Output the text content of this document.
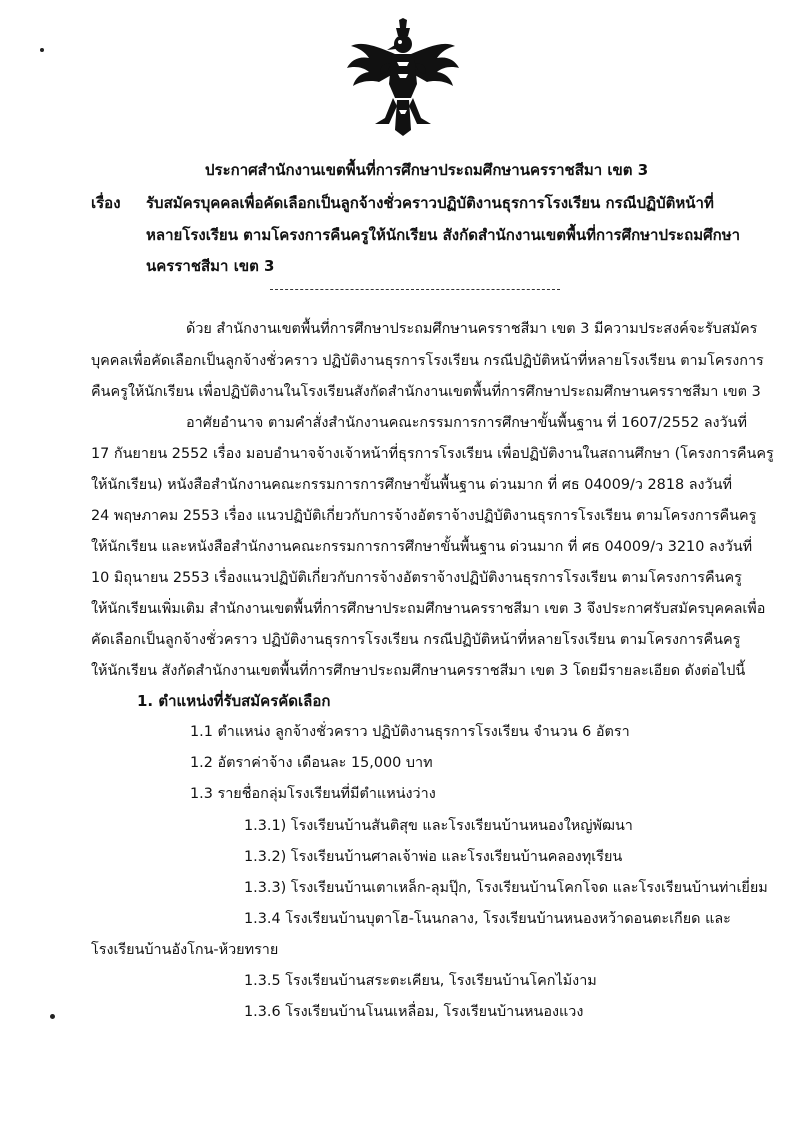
ประกาศสำนักงานเขตพื้นที่การศึกษาประถมศึกษานครราชสีมา เขต 3
เรื่อง รับสมัครบุคคลเพื่อคัดเลือกเป็นลูกจ้างชั่วคราวปฏิบัติงานธุรการโรงเรียน กรณีปฏิบัติหน้าที่
หลายโรงเรียน ตามโครงการคืนครูให้นักเรียน สังกัดสำนักงานเขตพื้นที่การศึกษาประถมศึกษา
นครราชสีมา เขต 3
ด้วย สำนักงานเขตพื้นที่การศึกษาประถมศึกษานครราชสีมา เขต 3 มีความประสงค์จะรับสมัคร
บุคคลเพื่อคัดเลือกเป็นลูกจ้างชั่วคราว ปฏิบัติงานธุรการโรงเรียน กรณีปฏิบัติหน้าที่หลายโรงเรียน ตามโครงการ
คืนครูให้นักเรียน เพื่อปฏิบัติงานในโรงเรียนสังกัดสำนักงานเขตพื้นที่การศึกษาประถมศึกษานครราชสีมา เขต 3
อาศัยอำนาจ ตามคำสั่งสำนักงานคณะกรรมการการศึกษาขั้นพื้นฐาน ที่ 1607/2552 ลงวันที่
17 กันยายน 2552 เรื่อง มอบอำนาจจ้างเจ้าหน้าที่ธุรการโรงเรียน เพื่อปฏิบัติงานในสถานศึกษา (โครงการคืนครู
ให้นักเรียน) หนังสือสำนักงานคณะกรรมการการศึกษาขั้นพื้นฐาน ด่วนมาก ที่ ศธ 04009/ว 2818 ลงวันที่
24 พฤษภาคม 2553 เรื่อง แนวปฏิบัติเกี่ยวกับการจ้างอัตราจ้างปฏิบัติงานธุรการโรงเรียน ตามโครงการคืนครู
ให้นักเรียน และหนังสือสำนักงานคณะกรรมการการศึกษาขั้นพื้นฐาน ด่วนมาก ที่ ศธ 04009/ว 3210 ลงวันที่
10 มิถุนายน 2553 เรื่องแนวปฏิบัติเกี่ยวกับการจ้างอัตราจ้างปฏิบัติงานธุรการโรงเรียน ตามโครงการคืนครู
ให้นักเรียนเพิ่มเติม สำนักงานเขตพื้นที่การศึกษาประถมศึกษานครราชสีมา เขต 3 จึงประกาศรับสมัครบุคคลเพื่อ
คัดเลือกเป็นลูกจ้างชั่วคราว ปฏิบัติงานธุรการโรงเรียน กรณีปฏิบัติหน้าที่หลายโรงเรียน ตามโครงการคืนครู
ให้นักเรียน สังกัดสำนักงานเขตพื้นที่การศึกษาประถมศึกษานครราชสีมา เขต 3 โดยมีรายละเอียด ดังต่อไปนี้
1. ตำแหน่งที่รับสมัครคัดเลือก
1.1 ตำแหน่ง ลูกจ้างชั่วคราว ปฏิบัติงานธุรการโรงเรียน จำนวน 6 อัตรา
1.2 อัตราค่าจ้าง เดือนละ 15,000 บาท
1.3 รายชื่อกลุ่มโรงเรียนที่มีตำแหน่งว่าง
1.3.1) โรงเรียนบ้านสันติสุข และโรงเรียนบ้านหนองใหญ่พัฒนา
1.3.2) โรงเรียนบ้านศาลเจ้าพ่อ และโรงเรียนบ้านคลองทุเรียน
1.3.3) โรงเรียนบ้านเตาเหล็ก-ลุมปุ๊ก, โรงเรียนบ้านโคกโจด และโรงเรียนบ้านท่าเยี่ยม
1.3.4 โรงเรียนบ้านบุตาโฮ-โนนกลาง, โรงเรียนบ้านหนองหว้าดอนตะเกียด และ
โรงเรียนบ้านอังโกน-ห้วยทราย
1.3.5 โรงเรียนบ้านสระตะเคียน, โรงเรียนบ้านโคกไม้งาม
1.3.6 โรงเรียนบ้านโนนเหลื่อม, โรงเรียนบ้านหนองแวง
